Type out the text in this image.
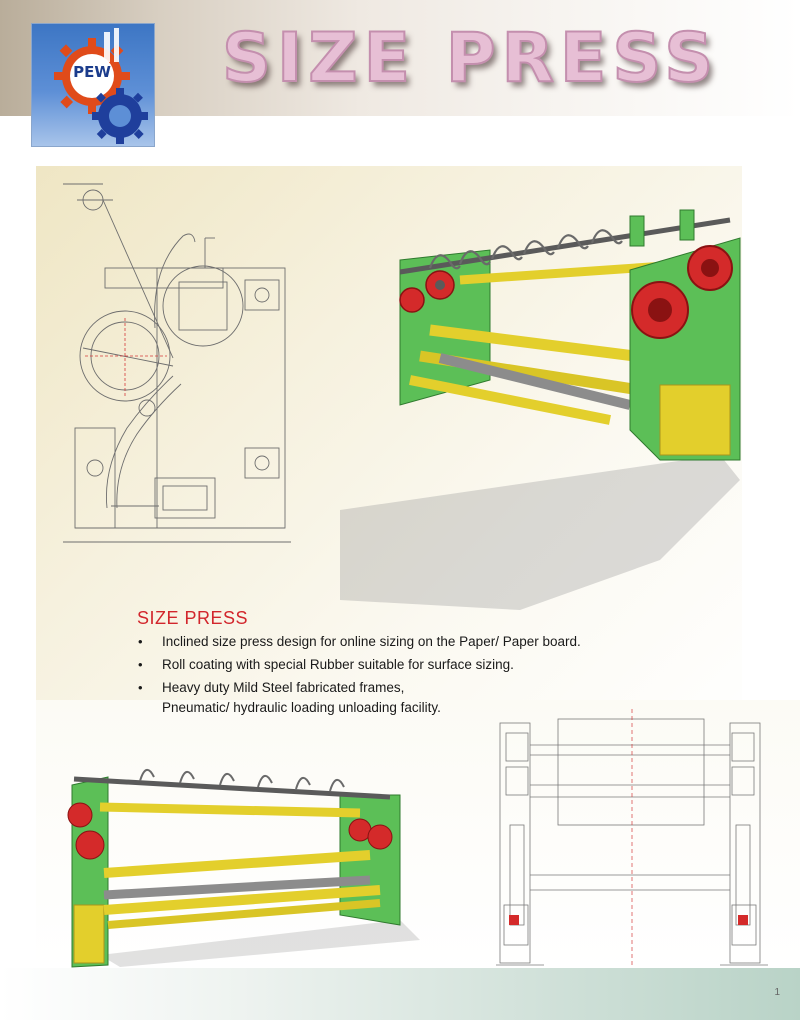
PEW SIZE PRESS
SIZE PRESS
• Inclined size press design for online sizing on the Paper/ Paper board.
• Roll coating with special Rubber suitable for surface sizing.
• Heavy duty Mild Steel fabricated frames,
Pneumatic/ hydraulic loading unloading facility.
1
